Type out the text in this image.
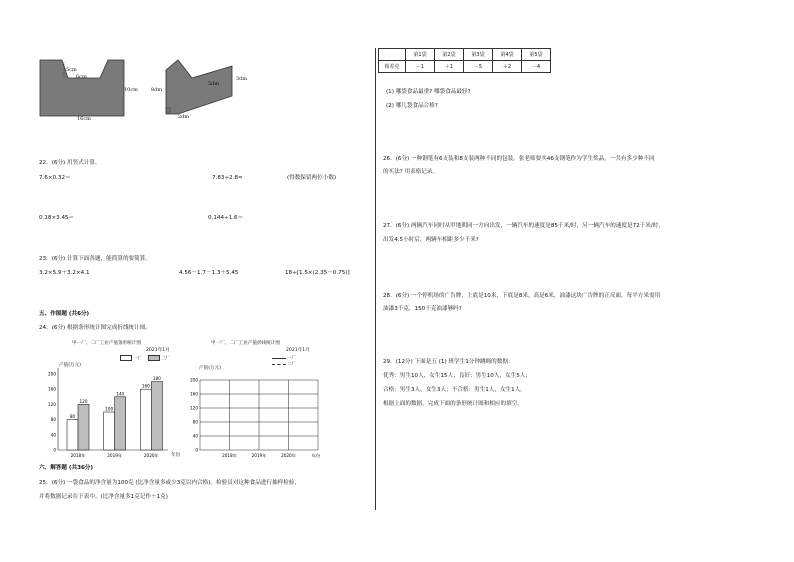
5cm
6cm
10cm
16cm
5dm
3dm
8dm
2dm
22．(6分) 用竖式计算。
7.6×0.32＝	7.83÷2.8≈	(得数保留两位小数)
0.18×3.45＝	0.144÷1.6＝
23．(6分) 计算下面各题，能简算的要简算。
3.2×5.9＋3.2×4.1	4.56－1.7－1.3＋5.45	18÷[1.5×(2.35－0.75)]
五、作图题 (共6分)
24．(6分) 根据条形统计图完成折线统计图。
甲一厂、二厂工业产值条形统计图
2021年1月
产值(万元)
年份
一厂	二厂
0
40
80
120
160
200
80
120
2018年
100
140
2019年
160
180
2020年
甲一厂、二厂工业产值折线统计图
2021年1月
产值(万元)
一厂
二厂
0
40
80
120
160
200
2018年	2019年	2020年	年份
六、解答题 (共36分)
25．(6分) 一袋食品的净含量为100克 (比净含量多或少3克以内合格)。检验员对这种食品进行抽样检验，
并将数据记录在下表中。(比净含量多1克记作＋1克)
	第1袋	第2袋	第3袋	第4袋	第5袋
相差克	－1	＋1	－5	＋2	－4
(1) 哪袋食品最重? 哪袋食品最轻?
(2) 哪几袋食品合格?
26．(6分) 一种钢笔有6支装和8支装两种不同的包装。张老师要买46支钢笔作为学生奖品，一共有多少种不同
的买法? 用表格记录。
27．(6分) 两辆汽车同时从甲地朝同一方向出发，一辆汽车的速度是85千米/时，另一辆汽车的速度是72千米/时，
出发4.5小时后，两辆车相距多少千米?
28．(6分) 一个停机场的广告牌，上底是10米，下底是8米，高是6米，油漆这块广告牌的正反面，每平方米需用
油漆3千克，150千克油漆够吗?
29．(12分) 下面是五 (1) 班学生1分钟跳绳的数据：
优秀：男生10人，女生15人；良好：男生10人，女生5人；
合格：男生3人，女生3人；不合格：男生1人，女生1人。
根据上面的数据，完成下面的条形统计图和相应的填空。
